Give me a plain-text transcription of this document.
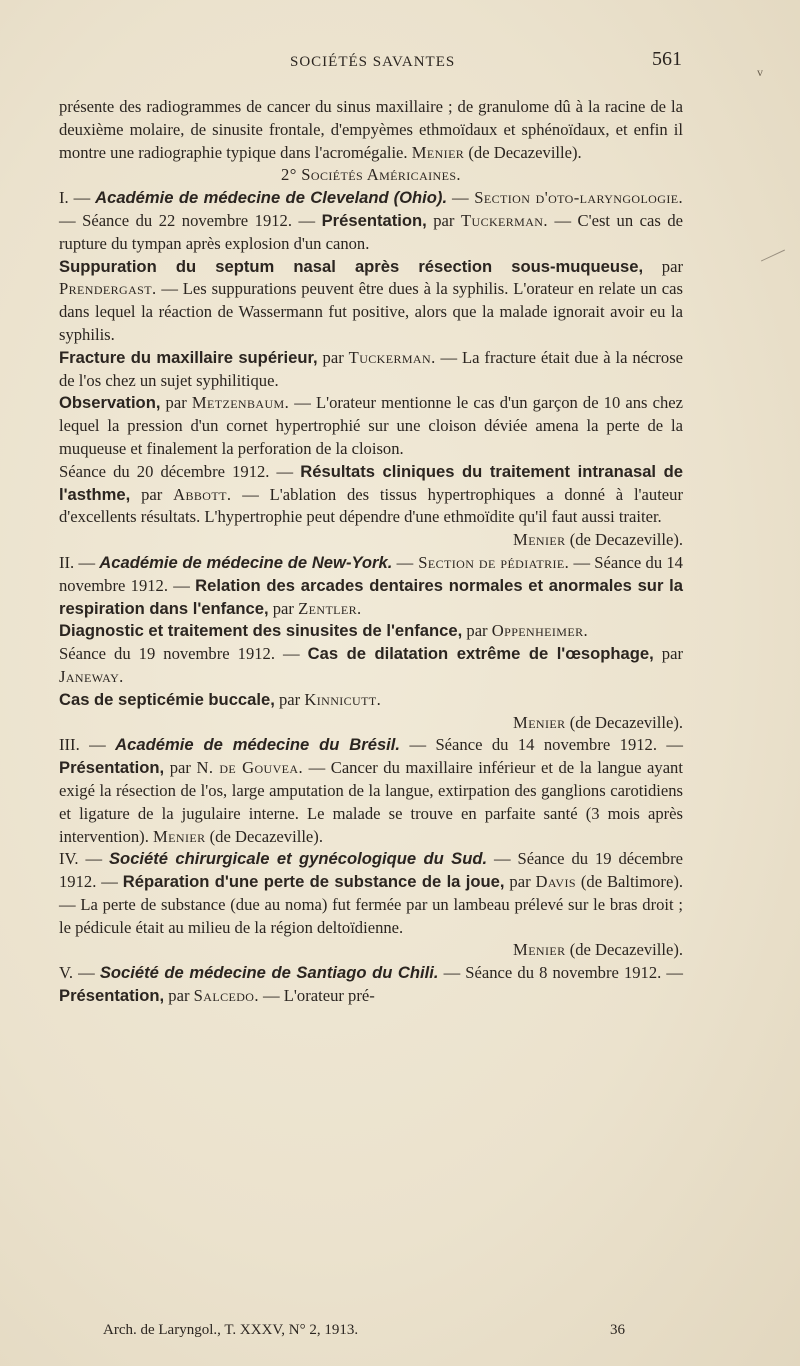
SOCIÉTÉS SAVANTES	561
v

présente des radiogrammes de cancer du sinus maxillaire ; de granulome dû à la racine de la deuxième molaire, de sinusite frontale, d'empyèmes ethmoïdaux et sphénoïdaux, et enfin il montre une radiographie typique dans l'acromégalie. Menier (de Decazeville).

2° Sociétés Américaines.

I. — Académie de médecine de Cleveland (Ohio). — Section d'oto-laryngologie. — Séance du 22 novembre 1912. — Présentation, par Tuckerman. — C'est un cas de rupture du tympan après explosion d'un canon.

Suppuration du septum nasal après résection sous-muqueuse, par Prendergast. — Les suppurations peuvent être dues à la syphilis. L'orateur en relate un cas dans lequel la réaction de Wassermann fut positive, alors que la malade ignorait avoir eu la syphilis.

Fracture du maxillaire supérieur, par Tuckerman. — La fracture était due à la nécrose de l'os chez un sujet syphilitique.

Observation, par Metzenbaum. — L'orateur mentionne le cas d'un garçon de 10 ans chez lequel la pression d'un cornet hypertrophié sur une cloison déviée amena la perte de la muqueuse et finalement la perforation de la cloison.

Séance du 20 décembre 1912. — Résultats cliniques du traitement intranasal de l'asthme, par Abbott. — L'ablation des tissus hypertrophiques a donné à l'auteur d'excellents résultats. L'hypertrophie peut dépendre d'une ethmoïdite qu'il faut aussi traiter.

Menier (de Decazeville).

II. — Académie de médecine de New-York. — Section de pédiatrie. — Séance du 14 novembre 1912. — Relation des arcades dentaires normales et anormales sur la respiration dans l'enfance, par Zentler.

Diagnostic et traitement des sinusites de l'enfance, par Oppenheimer.

Séance du 19 novembre 1912. — Cas de dilatation extrême de l'œsophage, par Janeway.

Cas de septicémie buccale, par Kinnicutt.

Menier (de Decazeville).

III. — Académie de médecine du Brésil. — Séance du 14 novembre 1912. — Présentation, par N. de Gouvea. — Cancer du maxillaire inférieur et de la langue ayant exigé la résection de l'os, large amputation de la langue, extirpation des ganglions carotidiens et ligature de la jugulaire interne. Le malade se trouve en parfaite santé (3 mois après intervention). Menier (de Decazeville).

IV. — Société chirurgicale et gynécologique du Sud. — Séance du 19 décembre 1912. — Réparation d'une perte de substance de la joue, par Davis (de Baltimore). — La perte de substance (due au noma) fut fermée par un lambeau prélevé sur le bras droit ; le pédicule était au milieu de la région deltoïdienne.

Menier (de Decazeville).

V. — Société de médecine de Santiago du Chili. — Séance du 8 novembre 1912. — Présentation, par Salcedo. — L'orateur pré-

Arch. de Laryngol., T. XXXV, N° 2, 1913.	36
